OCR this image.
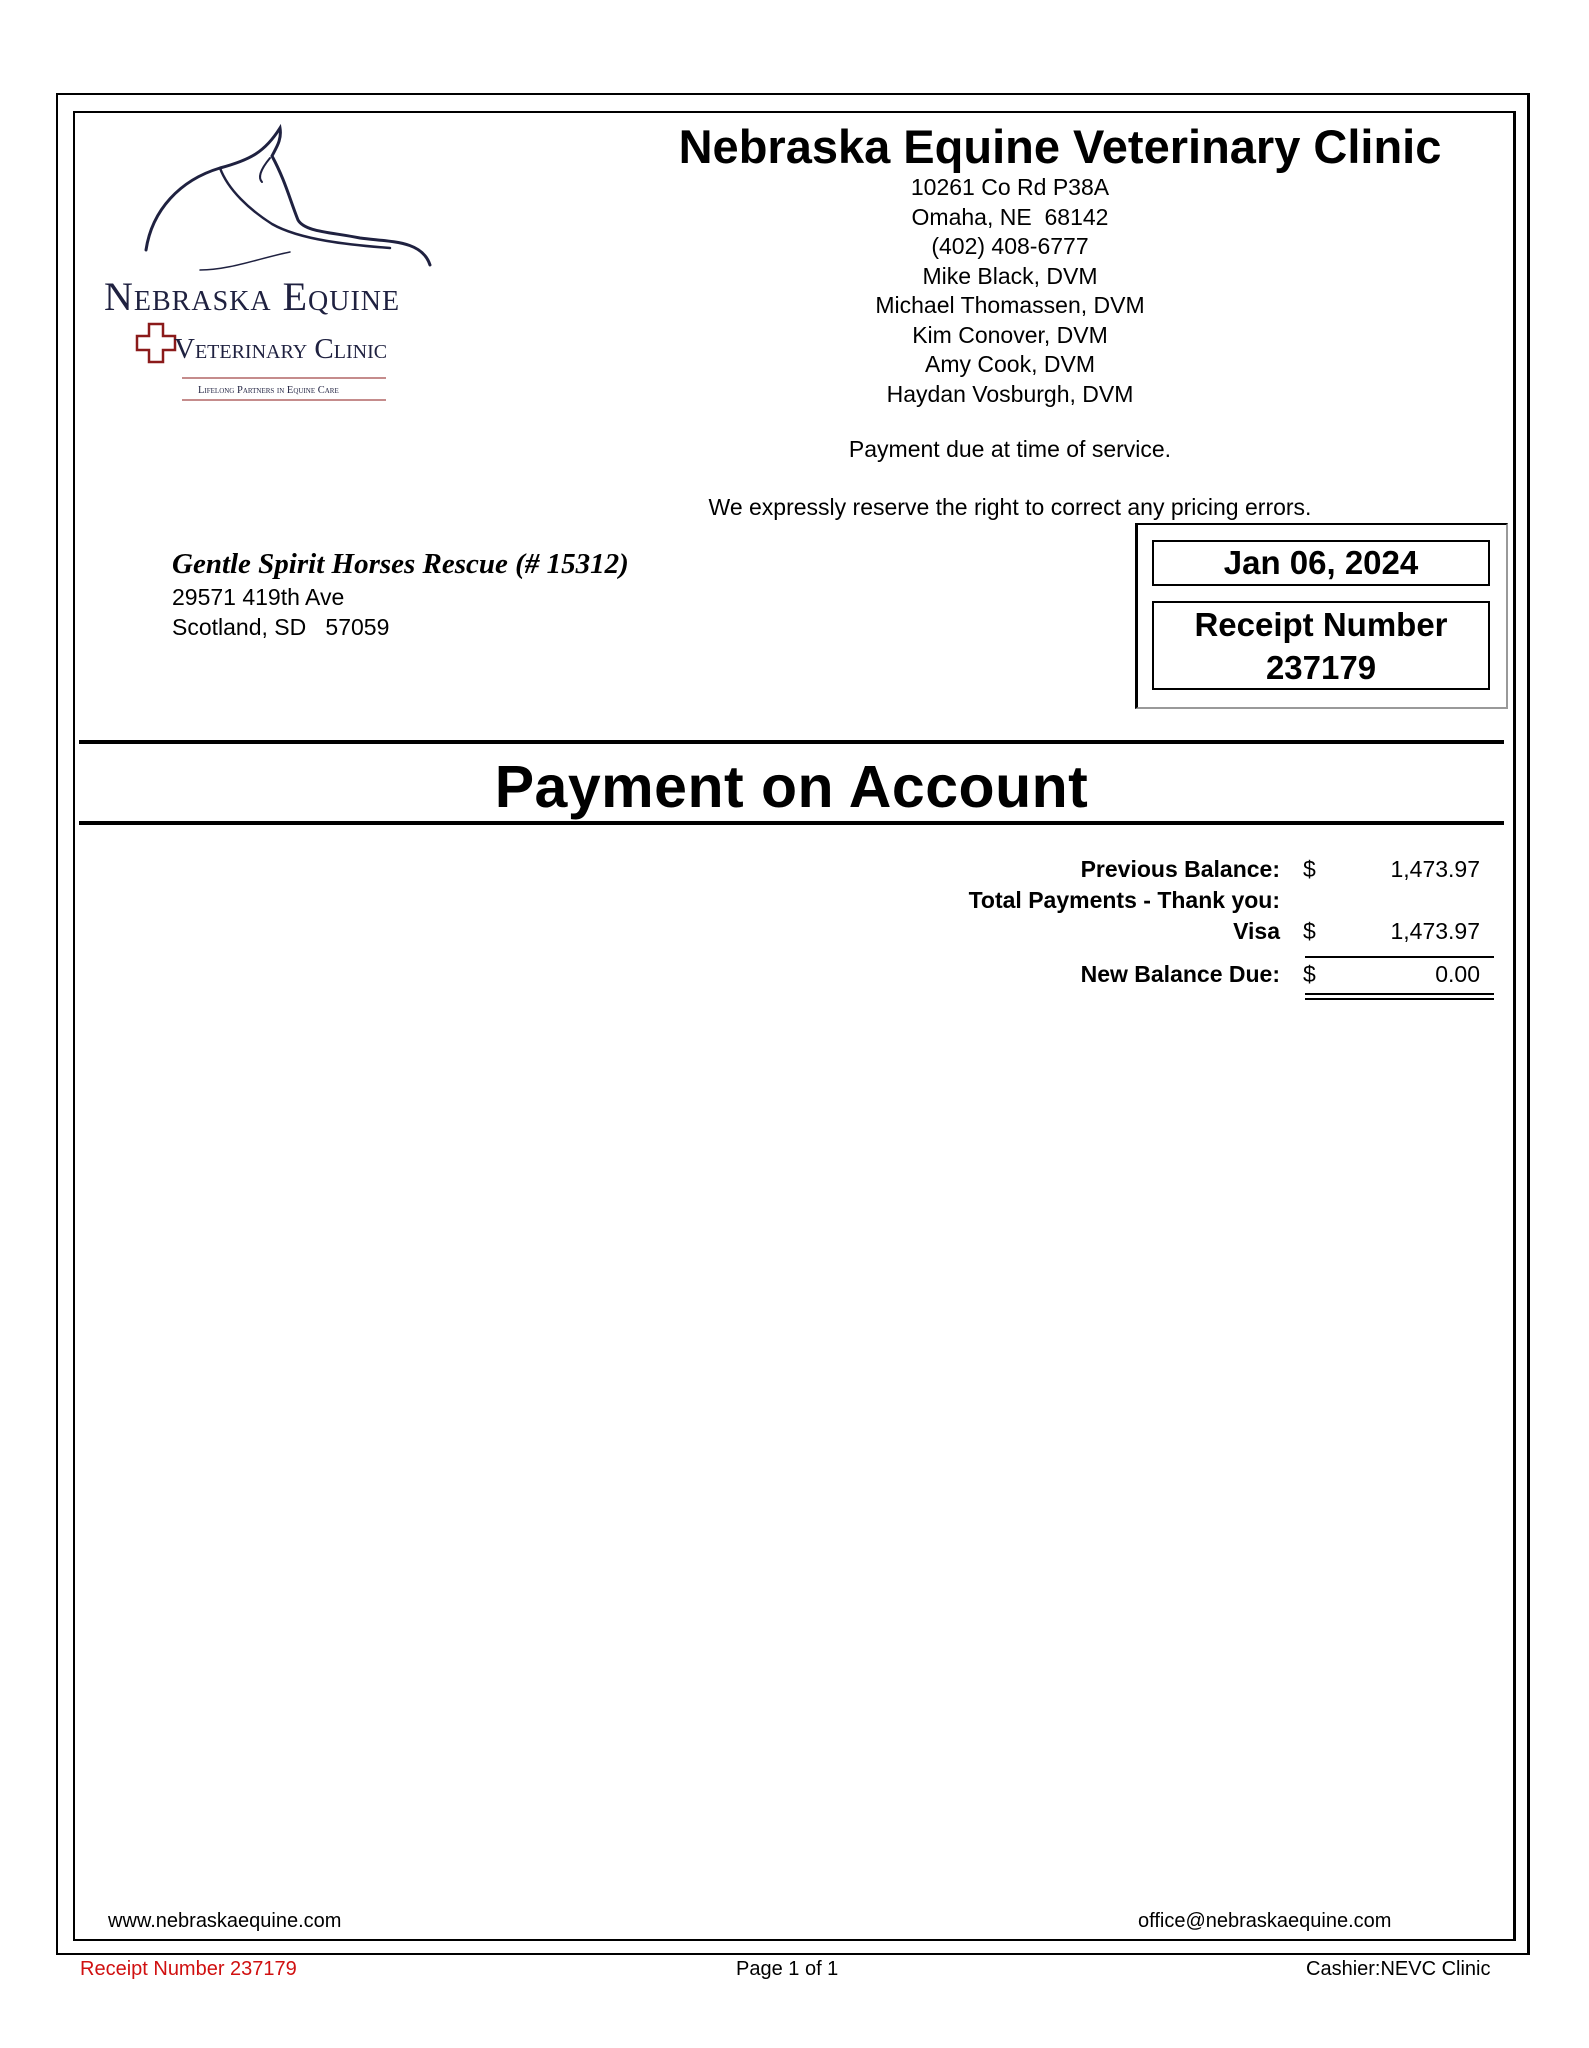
Nebraska Equine
Veterinary Clinic
Lifelong Partners in Equine Care
Nebraska Equine Veterinary Clinic
10261 Co Rd P38A
Omaha, NE  68142
(402) 408-6777
Mike Black, DVM
Michael Thomassen, DVM
Kim Conover, DVM
Amy Cook, DVM
Haydan Vosburgh, DVM
Payment due at time of service.
We expressly reserve the right to correct any pricing errors.
Gentle Spirit Horses Rescue (# 15312)
29571 419th Ave
Scotland, SD   57059
Jan 06, 2024
Receipt Number
237179
Payment on Account
Previous Balance: $	1,473.97
Total Payments - Thank you:
Visa $	1,473.97
New Balance Due: $	0.00
www.nebraskaequine.com	office@nebraskaequine.com
Receipt Number 237179	Page 1 of 1	Cashier:NEVC Clinic
